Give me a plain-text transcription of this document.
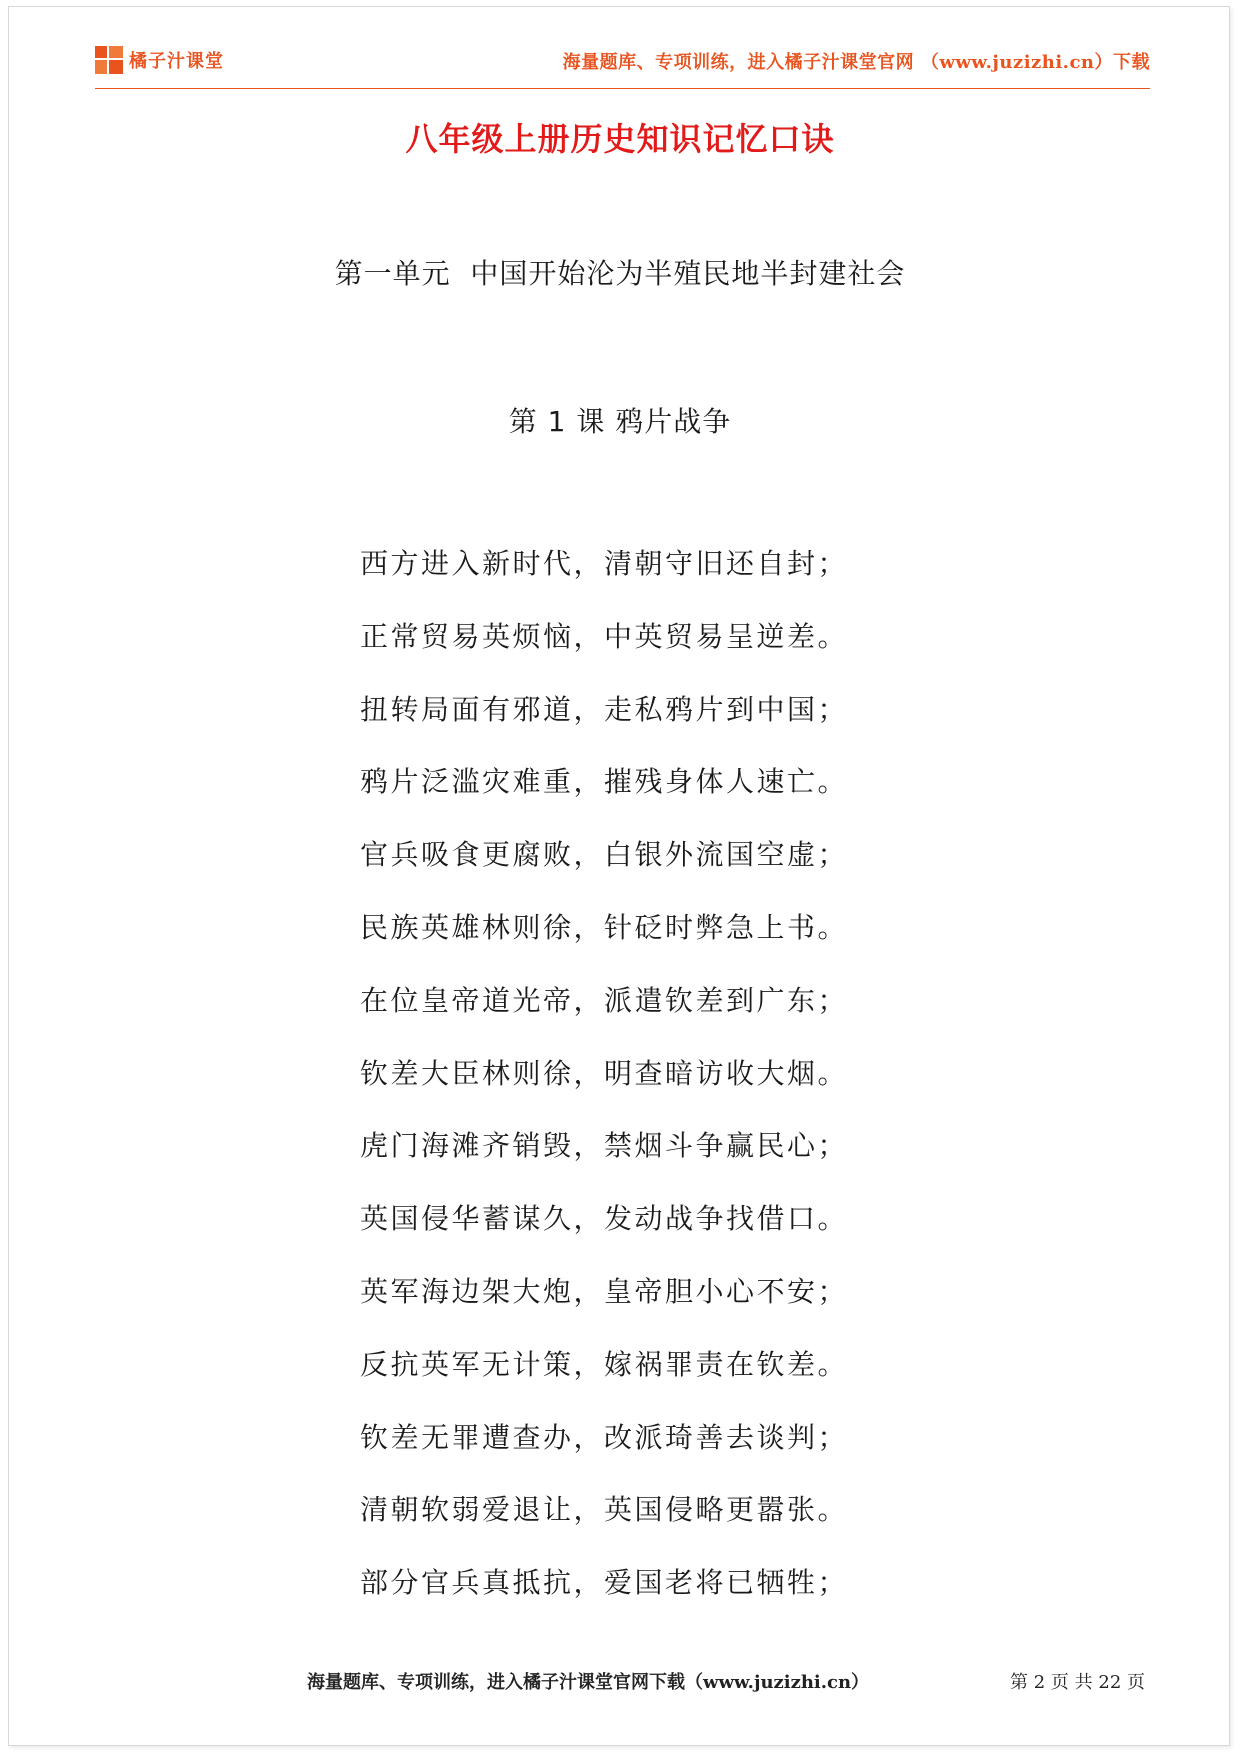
橘子汁课堂	海量题库、专项训练，进入橘子汁课堂官网 （www.juzizhi.cn）下载
八年级上册历史知识记忆口诀
第一单元  中国开始沦为半殖民地半封建社会
第 1 课 鸦片战争
西方进入新时代，清朝守旧还自封；
正常贸易英烦恼，中英贸易呈逆差。
扭转局面有邪道，走私鸦片到中国；
鸦片泛滥灾难重，摧残身体人速亡。
官兵吸食更腐败，白银外流国空虚；
民族英雄林则徐，针砭时弊急上书。
在位皇帝道光帝，派遣钦差到广东；
钦差大臣林则徐，明查暗访收大烟。
虎门海滩齐销毁，禁烟斗争赢民心；
英国侵华蓄谋久，发动战争找借口。
英军海边架大炮，皇帝胆小心不安；
反抗英军无计策，嫁祸罪责在钦差。
钦差无罪遭查办，改派琦善去谈判；
清朝软弱爱退让，英国侵略更嚣张。
部分官兵真抵抗，爱国老将已牺牲；
海量题库、专项训练，进入橘子汁课堂官网下载（www.juzizhi.cn）	第 2 页 共 22 页
